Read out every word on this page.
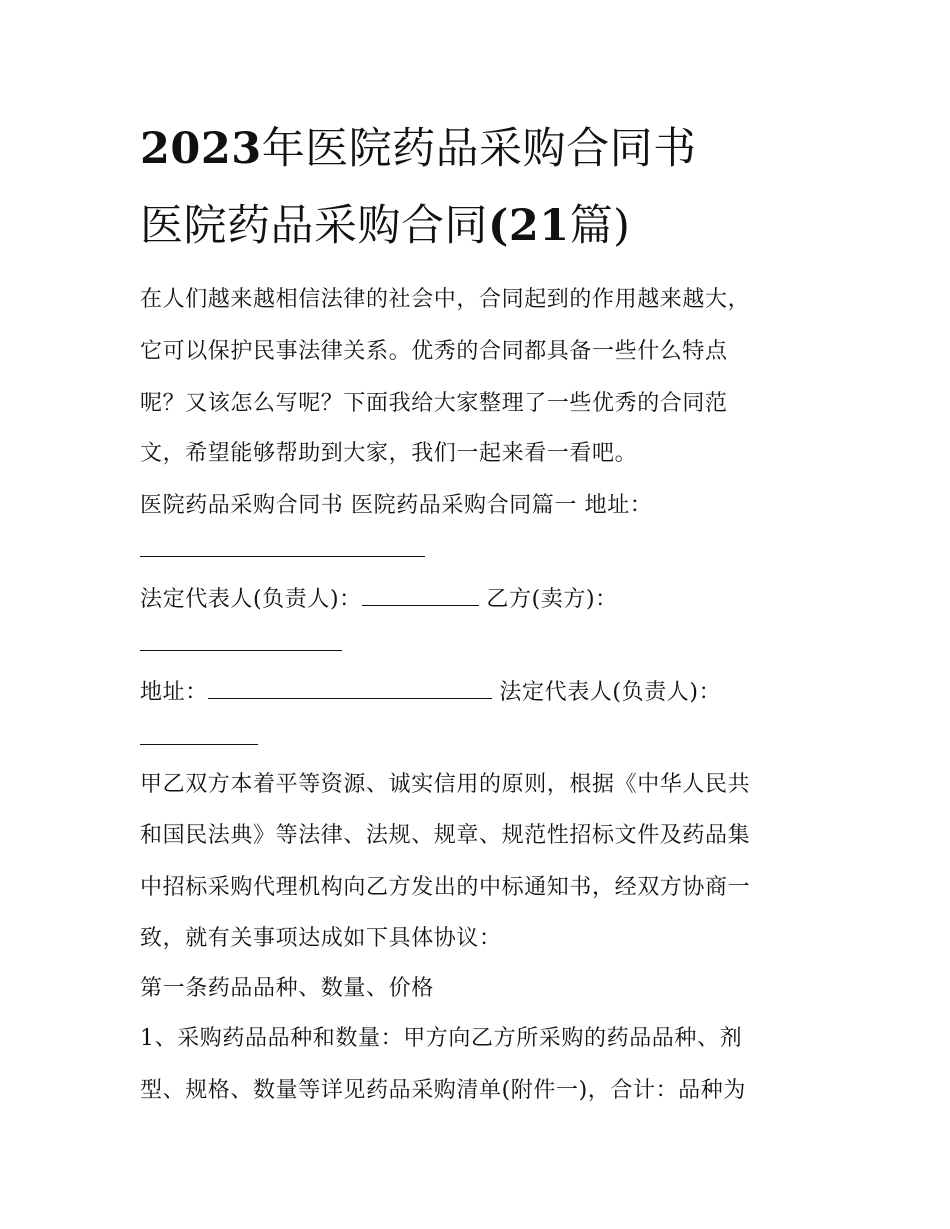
2023年医院药品采购合同书
医院药品采购合同(21篇)
在人们越来越相信法律的社会中，合同起到的作用越来越大，
它可以保护民事法律关系。优秀的合同都具备一些什么特点
呢？又该怎么写呢？下面我给大家整理了一些优秀的合同范
文，希望能够帮助到大家，我们一起来看一看吧。
医院药品采购合同书 医院药品采购合同篇一 地址：
法定代表人(负责人)：	乙方(卖方)：
地址：	法定代表人(负责人)：
甲乙双方本着平等资源、诚实信用的原则，根据《中华人民共
和国民法典》等法律、法规、规章、规范性招标文件及药品集
中招标采购代理机构向乙方发出的中标通知书，经双方协商一
致，就有关事项达成如下具体协议：
第一条药品品种、数量、价格
1、采购药品品种和数量：甲方向乙方所采购的药品品种、剂
型、规格、数量等详见药品采购清单(附件一)，合计：品种为
